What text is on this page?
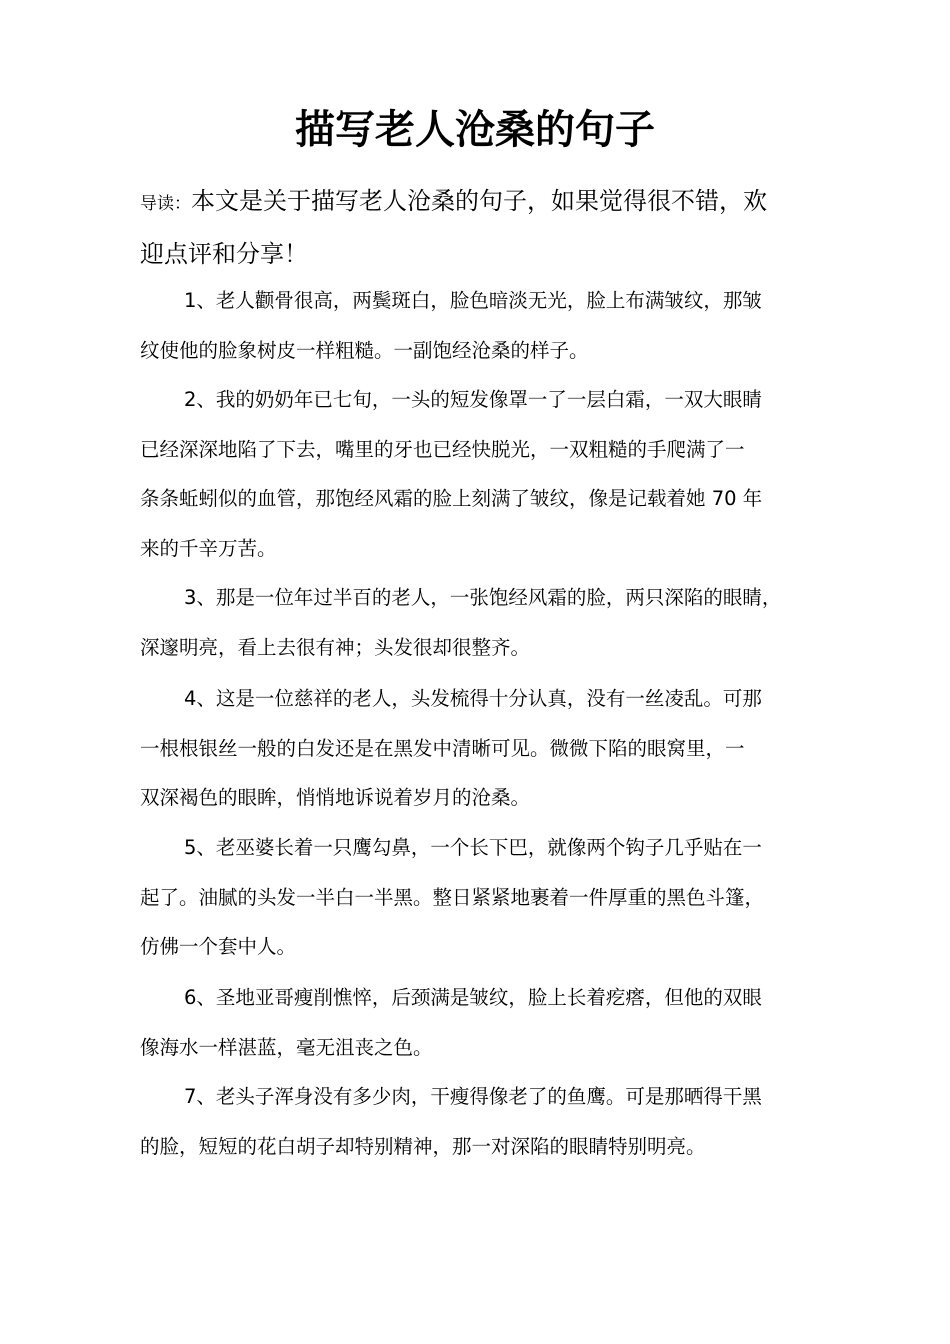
描写老人沧桑的句子

导读：本文是关于描写老人沧桑的句子，如果觉得很不错，欢
迎点评和分享！

1、老人颧骨很高，两鬓斑白，脸色暗淡无光，脸上布满皱纹，那皱
纹使他的脸象树皮一样粗糙。一副饱经沧桑的样子。

2、我的奶奶年已七旬，一头的短发像罩一了一层白霜，一双大眼睛
已经深深地陷了下去，嘴里的牙也已经快脱光，一双粗糙的手爬满了一
条条蚯蚓似的血管，那饱经风霜的脸上刻满了皱纹，像是记载着她 70 年
来的千辛万苦。

3、那是一位年过半百的老人，一张饱经风霜的脸，两只深陷的眼睛，
深邃明亮，看上去很有神；头发很却很整齐。

4、这是一位慈祥的老人，头发梳得十分认真，没有一丝凌乱。可那
一根根银丝一般的白发还是在黑发中清晰可见。微微下陷的眼窝里，一
双深褐色的眼眸，悄悄地诉说着岁月的沧桑。

5、老巫婆长着一只鹰勾鼻，一个长下巴，就像两个钩子几乎贴在一
起了。油腻的头发一半白一半黑。整日紧紧地裹着一件厚重的黑色斗篷，
仿佛一个套中人。

6、圣地亚哥瘦削憔悴，后颈满是皱纹，脸上长着疙瘩，但他的双眼
像海水一样湛蓝，毫无沮丧之色。

7、老头子浑身没有多少肉，干瘦得像老了的鱼鹰。可是那晒得干黑
的脸，短短的花白胡子却特别精神，那一对深陷的眼睛特别明亮。
